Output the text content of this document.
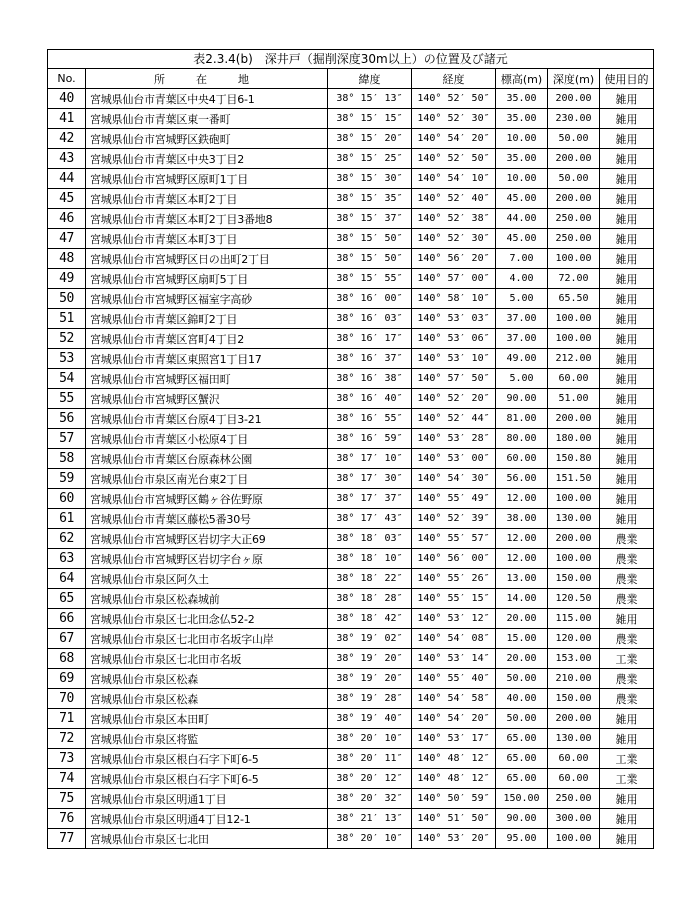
表2.3.4(b)　深井戸（掘削深度30m以上）の位置及び諸元
No.	所　在　地	緯度	経度	標高(m)	深度(m)	使用目的
40	宮城県仙台市青葉区中央4丁目6-1	38° 15′ 13″	140° 52′ 50″	35.00	200.00	雑用
41	宮城県仙台市青葉区東一番町	38° 15′ 15″	140° 52′ 30″	35.00	230.00	雑用
42	宮城県仙台市宮城野区鉄砲町	38° 15′ 20″	140° 54′ 20″	10.00	50.00	雑用
43	宮城県仙台市青葉区中央3丁目2	38° 15′ 25″	140° 52′ 50″	35.00	200.00	雑用
44	宮城県仙台市宮城野区原町1丁目	38° 15′ 30″	140° 54′ 10″	10.00	50.00	雑用
45	宮城県仙台市青葉区本町2丁目	38° 15′ 35″	140° 52′ 40″	45.00	200.00	雑用
46	宮城県仙台市青葉区本町2丁目3番地8	38° 15′ 37″	140° 52′ 38″	44.00	250.00	雑用
47	宮城県仙台市青葉区本町3丁目	38° 15′ 50″	140° 52′ 30″	45.00	250.00	雑用
48	宮城県仙台市宮城野区日の出町2丁目	38° 15′ 50″	140° 56′ 20″	7.00	100.00	雑用
49	宮城県仙台市宮城野区扇町5丁目	38° 15′ 55″	140° 57′ 00″	4.00	72.00	雑用
50	宮城県仙台市宮城野区福室字高砂	38° 16′ 00″	140° 58′ 10″	5.00	65.50	雑用
51	宮城県仙台市青葉区錦町2丁目	38° 16′ 03″	140° 53′ 03″	37.00	100.00	雑用
52	宮城県仙台市青葉区宮町4丁目2	38° 16′ 17″	140° 53′ 06″	37.00	100.00	雑用
53	宮城県仙台市青葉区東照宮1丁目17	38° 16′ 37″	140° 53′ 10″	49.00	212.00	雑用
54	宮城県仙台市宮城野区福田町	38° 16′ 38″	140° 57′ 50″	5.00	60.00	雑用
55	宮城県仙台市宮城野区蟹沢	38° 16′ 40″	140° 52′ 20″	90.00	51.00	雑用
56	宮城県仙台市青葉区台原4丁目3-21	38° 16′ 55″	140° 52′ 44″	81.00	200.00	雑用
57	宮城県仙台市青葉区小松原4丁目	38° 16′ 59″	140° 53′ 28″	80.00	180.00	雑用
58	宮城県仙台市青葉区台原森林公園	38° 17′ 10″	140° 53′ 00″	60.00	150.80	雑用
59	宮城県仙台市泉区南光台東2丁目	38° 17′ 30″	140° 54′ 30″	56.00	151.50	雑用
60	宮城県仙台市宮城野区鶴ヶ谷佐野原	38° 17′ 37″	140° 55′ 49″	12.00	100.00	雑用
61	宮城県仙台市青葉区藤松5番30号	38° 17′ 43″	140° 52′ 39″	38.00	130.00	雑用
62	宮城県仙台市宮城野区岩切字大正69	38° 18′ 03″	140° 55′ 57″	12.00	200.00	農業
63	宮城県仙台市宮城野区岩切字台ヶ原	38° 18′ 10″	140° 56′ 00″	12.00	100.00	農業
64	宮城県仙台市泉区阿久土	38° 18′ 22″	140° 55′ 26″	13.00	150.00	農業
65	宮城県仙台市泉区松森城前	38° 18′ 28″	140° 55′ 15″	14.00	120.50	農業
66	宮城県仙台市泉区七北田念仏52-2	38° 18′ 42″	140° 53′ 12″	20.00	115.00	雑用
67	宮城県仙台市泉区七北田市名坂字山岸	38° 19′ 02″	140° 54′ 08″	15.00	120.00	農業
68	宮城県仙台市泉区七北田市名坂	38° 19′ 20″	140° 53′ 14″	20.00	153.00	工業
69	宮城県仙台市泉区松森	38° 19′ 20″	140° 55′ 40″	50.00	210.00	農業
70	宮城県仙台市泉区松森	38° 19′ 28″	140° 54′ 58″	40.00	150.00	農業
71	宮城県仙台市泉区本田町	38° 19′ 40″	140° 54′ 20″	50.00	200.00	雑用
72	宮城県仙台市泉区将監	38° 20′ 10″	140° 53′ 17″	65.00	130.00	雑用
73	宮城県仙台市泉区根白石字下町6-5	38° 20′ 11″	140° 48′ 12″	65.00	60.00	工業
74	宮城県仙台市泉区根白石字下町6-5	38° 20′ 12″	140° 48′ 12″	65.00	60.00	工業
75	宮城県仙台市泉区明通1丁目	38° 20′ 32″	140° 50′ 59″	150.00	250.00	雑用
76	宮城県仙台市泉区明通4丁目12-1	38° 21′ 13″	140° 51′ 50″	90.00	300.00	雑用
77	宮城県仙台市泉区七北田	38° 20′ 10″	140° 53′ 20″	95.00	100.00	雑用
